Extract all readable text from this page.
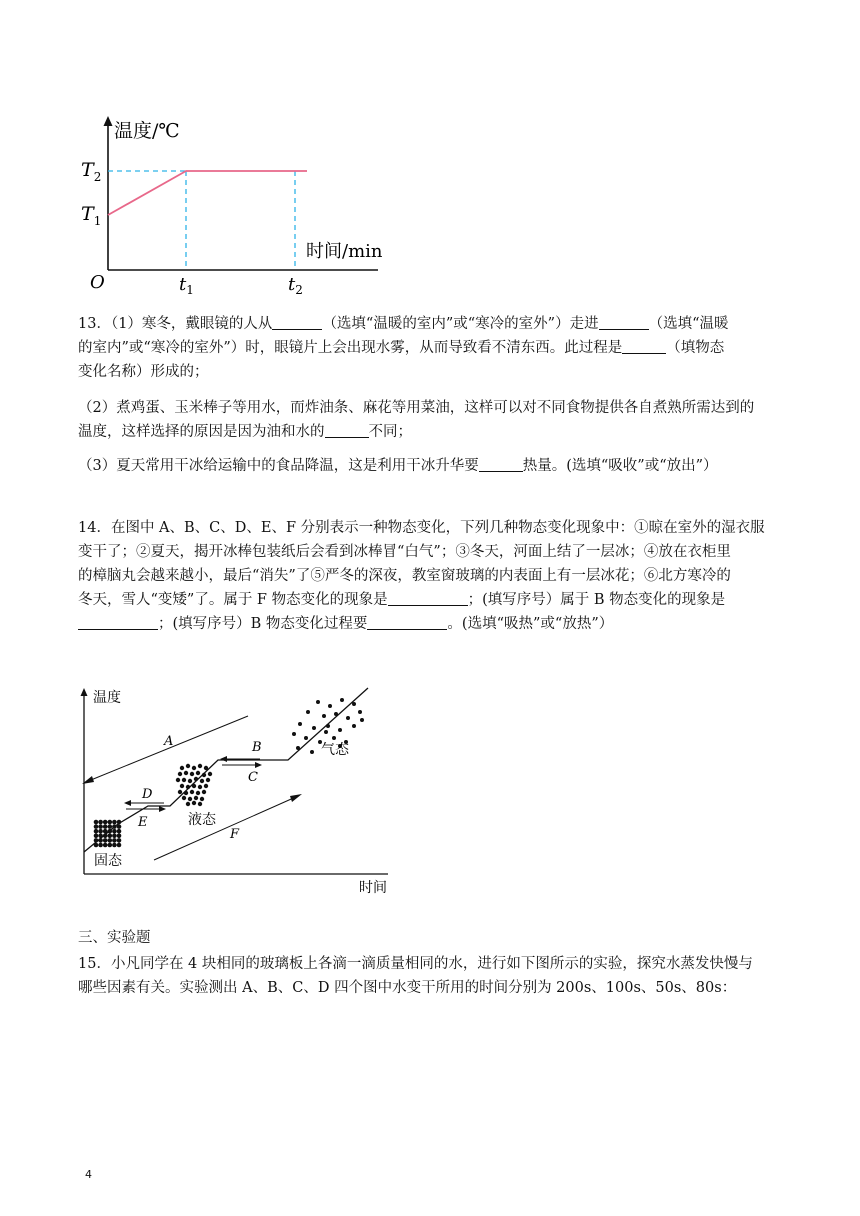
温度/℃
时间/min
O
$T_2$
$T_1$
$t_1$	$t_2$

13．（1）寒冬，戴眼镜的人从	（选填“温暖的室内”或“寒冷的室外”）走进	（选填“温暖

的室内”或“寒冷的室外”）时，眼镜片上会出现水雾，从而导致看不清东西。此过程是	（填物态

变化名称）形成的；

（2）煮鸡蛋、玉米棒子等用水，而炸油条、麻花等用菜油，这样可以对不同食物提供各自煮熟所需达到的

温度，这样选择的原因是因为油和水的	不同；

（3）夏天常用干冰给运输中的食品降温，这是利用干冰升华要	热量。(选填“吸收”或“放出”）

14．在图中 A、B、C、D、E、F 分别表示一种物态变化，下列几种物态变化现象中：①晾在室外的湿衣服

变干了；②夏天，揭开冰棒包装纸后会看到冰棒冒“白气”；③冬天，河面上结了一层冰；④放在衣柜里

的樟脑丸会越来越小，最后“消失”了⑤严冬的深夜，教室窗玻璃的内表面上有一层冰花；⑥北方寒冷的

冬天，雪人“变矮”了。属于 F 物态变化的现象是	；(填写序号）属于 B 物态变化的现象是

；(填写序号）B 物态变化过程要	。(选填“吸热”或“放热”）

温度
时间
固态
液态
气态
A	B
C
D
E
F
三、实验题

15．小凡同学在 4 块相同的玻璃板上各滴一滴质量相同的水，进行如下图所示的实验，探究水蒸发快慢与

哪些因素有关。实验测出 A、B、C、D 四个图中水变干所用的时间分别为 200s、100s、50s、80s：

4
